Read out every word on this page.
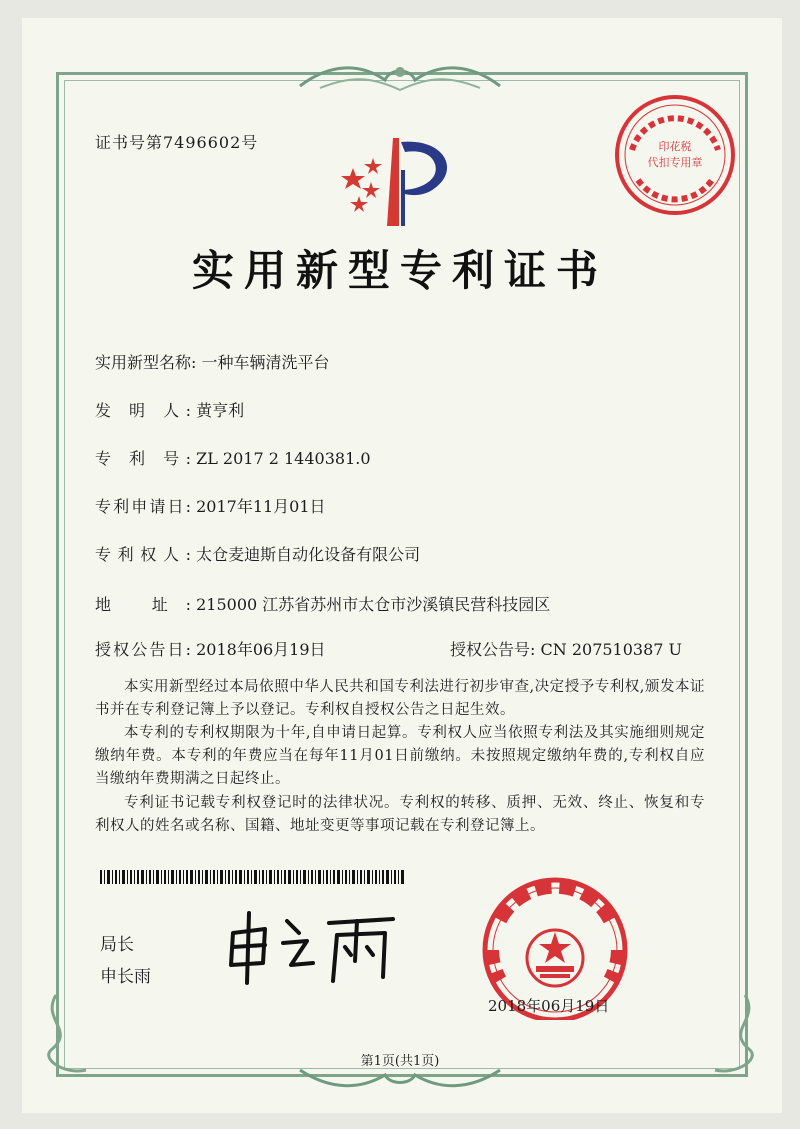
证书号第7496602号	印花税
代扣专用章
实用新型专利证书
实用新型名称: 一种车辆清洗平台
发 明 人: 黄亨利
专 利 号: ZL 2017 2 1440381.0
专利申请日: 2017年11月01日
专利权人: 太仓麦迪斯自动化设备有限公司
地 址: 215000 江苏省苏州市太仓市沙溪镇民营科技园区
授权公告日: 2018年06月19日	授权公告号: CN 207510387 U
本实用新型经过本局依照中华人民共和国专利法进行初步审查,决定授予专利权,颁发本证书并在专利登记簿上予以登记。专利权自授权公告之日起生效。
本专利的专利权期限为十年,自申请日起算。专利权人应当依照专利法及其实施细则规定缴纳年费。本专利的年费应当在每年11月01日前缴纳。未按照规定缴纳年费的,专利权自应当缴纳年费期满之日起终止。
专利证书记载专利权登记时的法律状况。专利权的转移、质押、无效、终止、恢复和专利权人的姓名或名称、国籍、地址变更等事项记载在专利登记簿上。
局长
申长雨
2018年06月19日
第1页(共1页)
